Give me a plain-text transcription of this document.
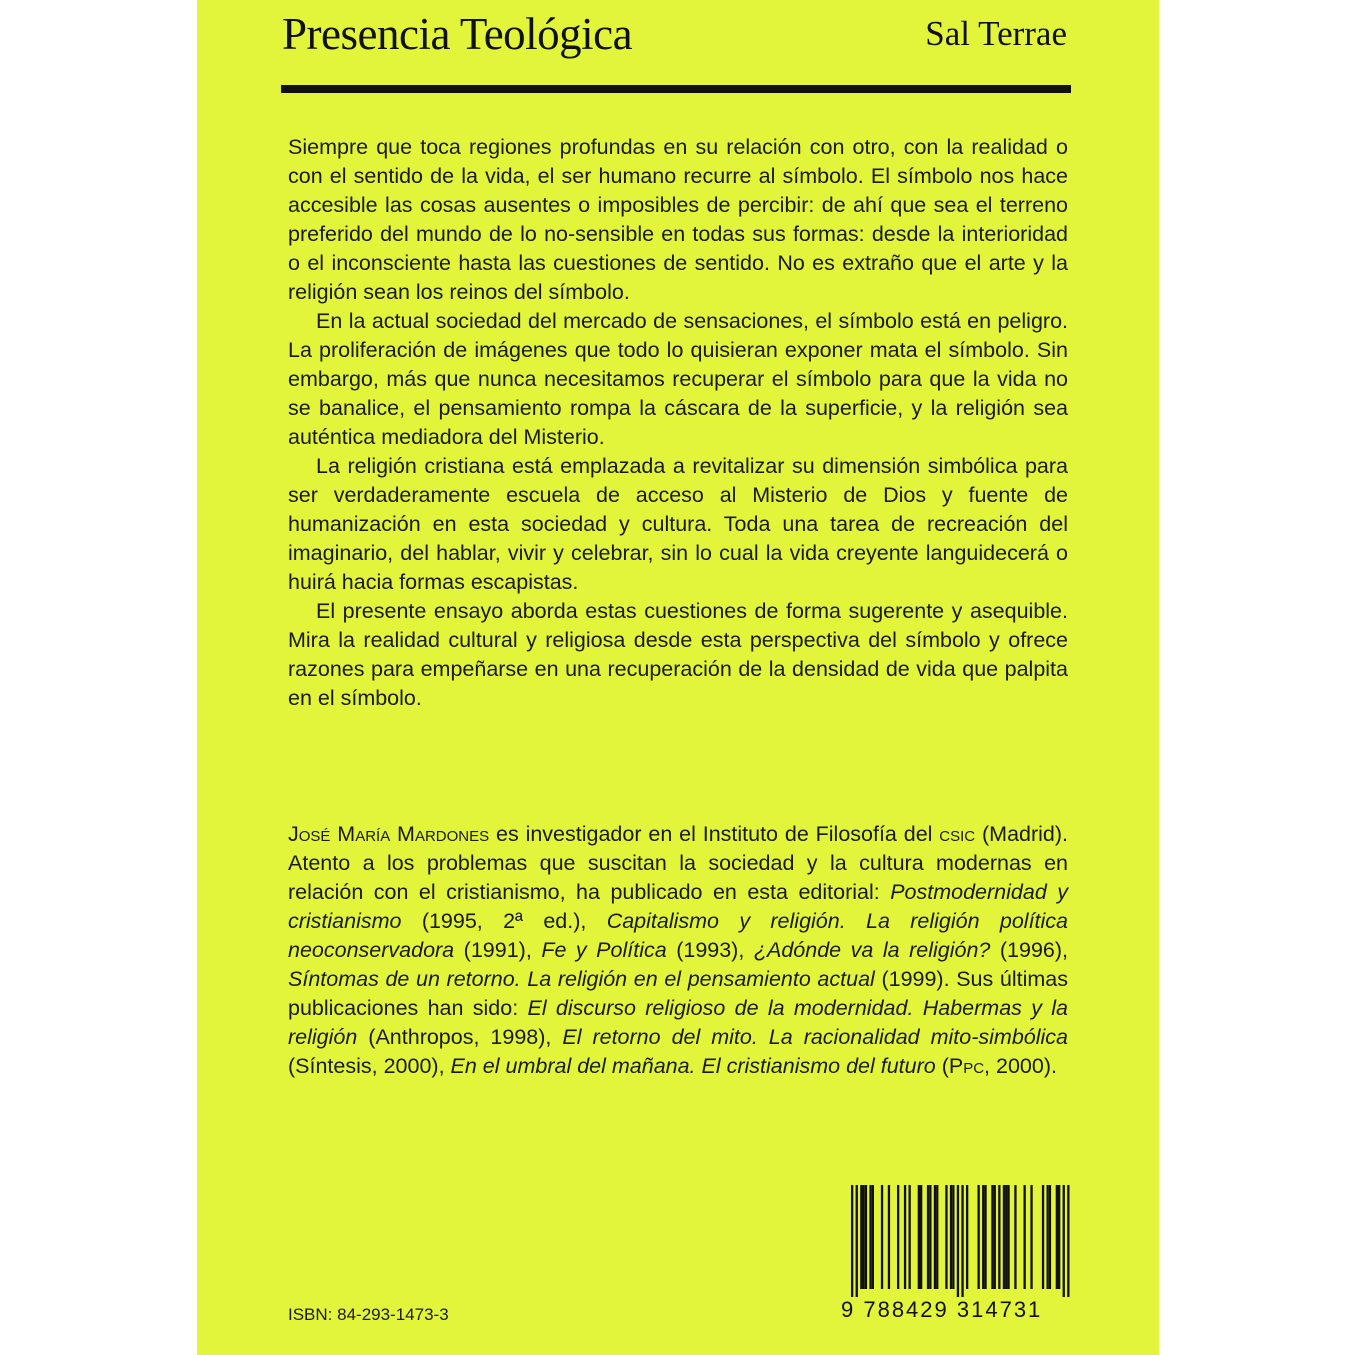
Presencia Teológica	Sal Terrae

Siempre que toca regiones profundas en su relación con otro, con la realidad o con el sentido de la vida, el ser humano recurre al símbolo. El símbolo nos hace accesible las cosas ausentes o imposibles de percibir: de ahí que sea el terreno preferido del mundo de lo no-sensible en todas sus formas: desde la interioridad o el inconsciente hasta las cuestiones de sentido. No es extraño que el arte y la religión sean los reinos del símbolo.

En la actual sociedad del mercado de sensaciones, el símbolo está en peligro. La proliferación de imágenes que todo lo quisieran exponer mata el símbolo. Sin embargo, más que nunca necesitamos recuperar el símbolo para que la vida no se banalice, el pensamiento rompa la cáscara de la superficie, y la religión sea auténtica mediadora del Misterio.

La religión cristiana está emplazada a revitalizar su dimensión simbólica para ser verdaderamente escuela de acceso al Misterio de Dios y fuente de humanización en esta sociedad y cultura. Toda una tarea de recreación del imaginario, del hablar, vivir y celebrar, sin lo cual la vida creyente languidecerá o huirá hacia formas escapistas.

El presente ensayo aborda estas cuestiones de forma sugerente y asequible. Mira la realidad cultural y religiosa desde esta perspectiva del símbolo y ofrece razones para empeñarse en una recuperación de la densidad de vida que palpita en el símbolo.

José María Mardones es investigador en el Instituto de Filosofía del csic (Madrid). Atento a los problemas que suscitan la sociedad y la cultura modernas en relación con el cristianismo, ha publicado en esta editorial: Postmodernidad y cristianismo (1995, 2ª ed.), Capitalismo y religión. La religión política neoconservadora (1991), Fe y Política (1993), ¿Adónde va la religión? (1996), Síntomas de un retorno. La religión en el pensamiento actual (1999). Sus últimas publicaciones han sido: El discurso religioso de la modernidad. Habermas y la religión (Anthropos, 1998), El retorno del mito. La racionalidad mito-simbólica (Síntesis, 2000), En el umbral del mañana. El cristianismo del futuro (Ppc, 2000).

ISBN: 84-293-1473-3	9 788429 314731
